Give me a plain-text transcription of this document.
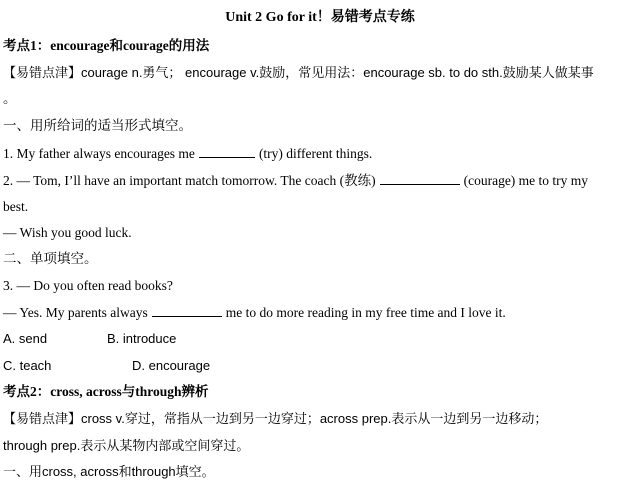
Unit 2 Go for it！易错考点专练
考点1：encourage和courage的用法
【易错点津】courage n.勇气； encourage v.鼓励，常见用法：encourage sb. to do sth.鼓励某人做某事
。
一、用所给词的适当形式填空。
1. My father always encourages me	(try) different things.
2. — Tom, I’ll have an important match tomorrow. The coach (教练)	(courage) me to try my
best.
— Wish you good luck.
二、单项填空。
3. — Do you often read books?
— Yes. My parents always	me to do more reading in my free time and I love it.
A. send	B. introduce
C. teach	D. encourage
考点2：cross, across与through辨析
【易错点津】cross v.穿过，常指从一边到另一边穿过；across prep.表示从一边到另一边移动；
through prep.表示从某物内部或空间穿过。
一、用cross, across和through填空。
